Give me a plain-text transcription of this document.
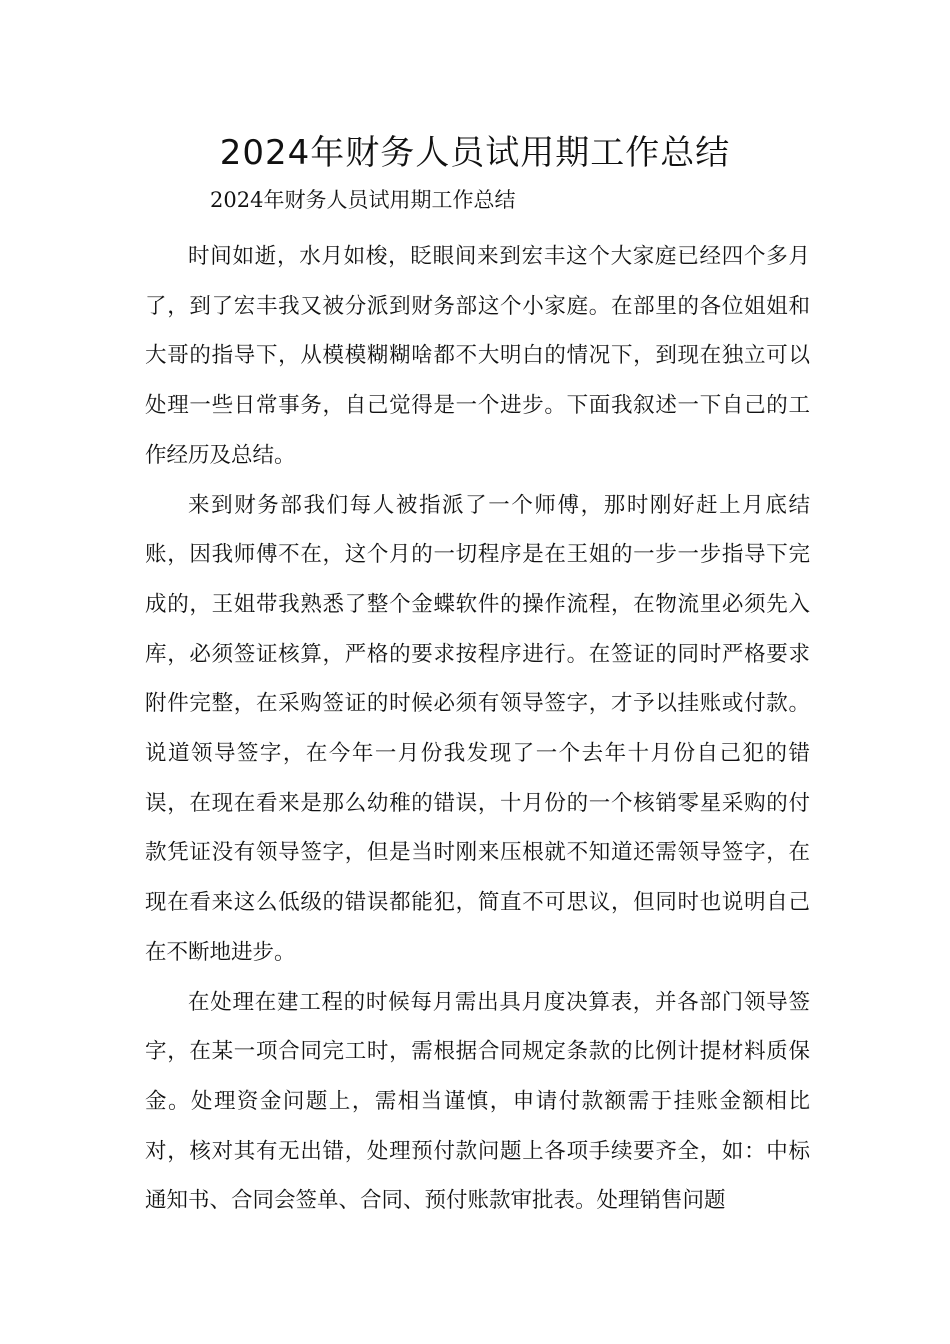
2024年财务人员试用期工作总结
2024年财务人员试用期工作总结

时间如逝，水月如梭，眨眼间来到宏丰这个大家庭已经四个多月了，到了宏丰我又被分派到财务部这个小家庭。在部里的各位姐姐和大哥的指导下，从模模糊糊啥都不大明白的情况下，到现在独立可以处理一些日常事务，自己觉得是一个进步。下面我叙述一下自己的工作经历及总结。

来到财务部我们每人被指派了一个师傅，那时刚好赶上月底结账，因我师傅不在，这个月的一切程序是在王姐的一步一步指导下完成的，王姐带我熟悉了整个金蝶软件的操作流程，在物流里必须先入库，必须签证核算，严格的要求按程序进行。在签证的同时严格要求附件完整，在采购签证的时候必须有领导签字，才予以挂账或付款。说道领导签字，在今年一月份我发现了一个去年十月份自己犯的错误，在现在看来是那么幼稚的错误，十月份的一个核销零星采购的付款凭证没有领导签字，但是当时刚来压根就不知道还需领导签字，在现在看来这么低级的错误都能犯，简直不可思议，但同时也说明自己在不断地进步。

在处理在建工程的时候每月需出具月度决算表，并各部门领导签字，在某一项合同完工时，需根据合同规定条款的比例计提材料质保金。处理资金问题上，需相当谨慎，申请付款额需于挂账金额相比对，核对其有无出错，处理预付款问题上各项手续要齐全，如：中标通知书、合同会签单、合同、预付账款审批表。处理销售问题
